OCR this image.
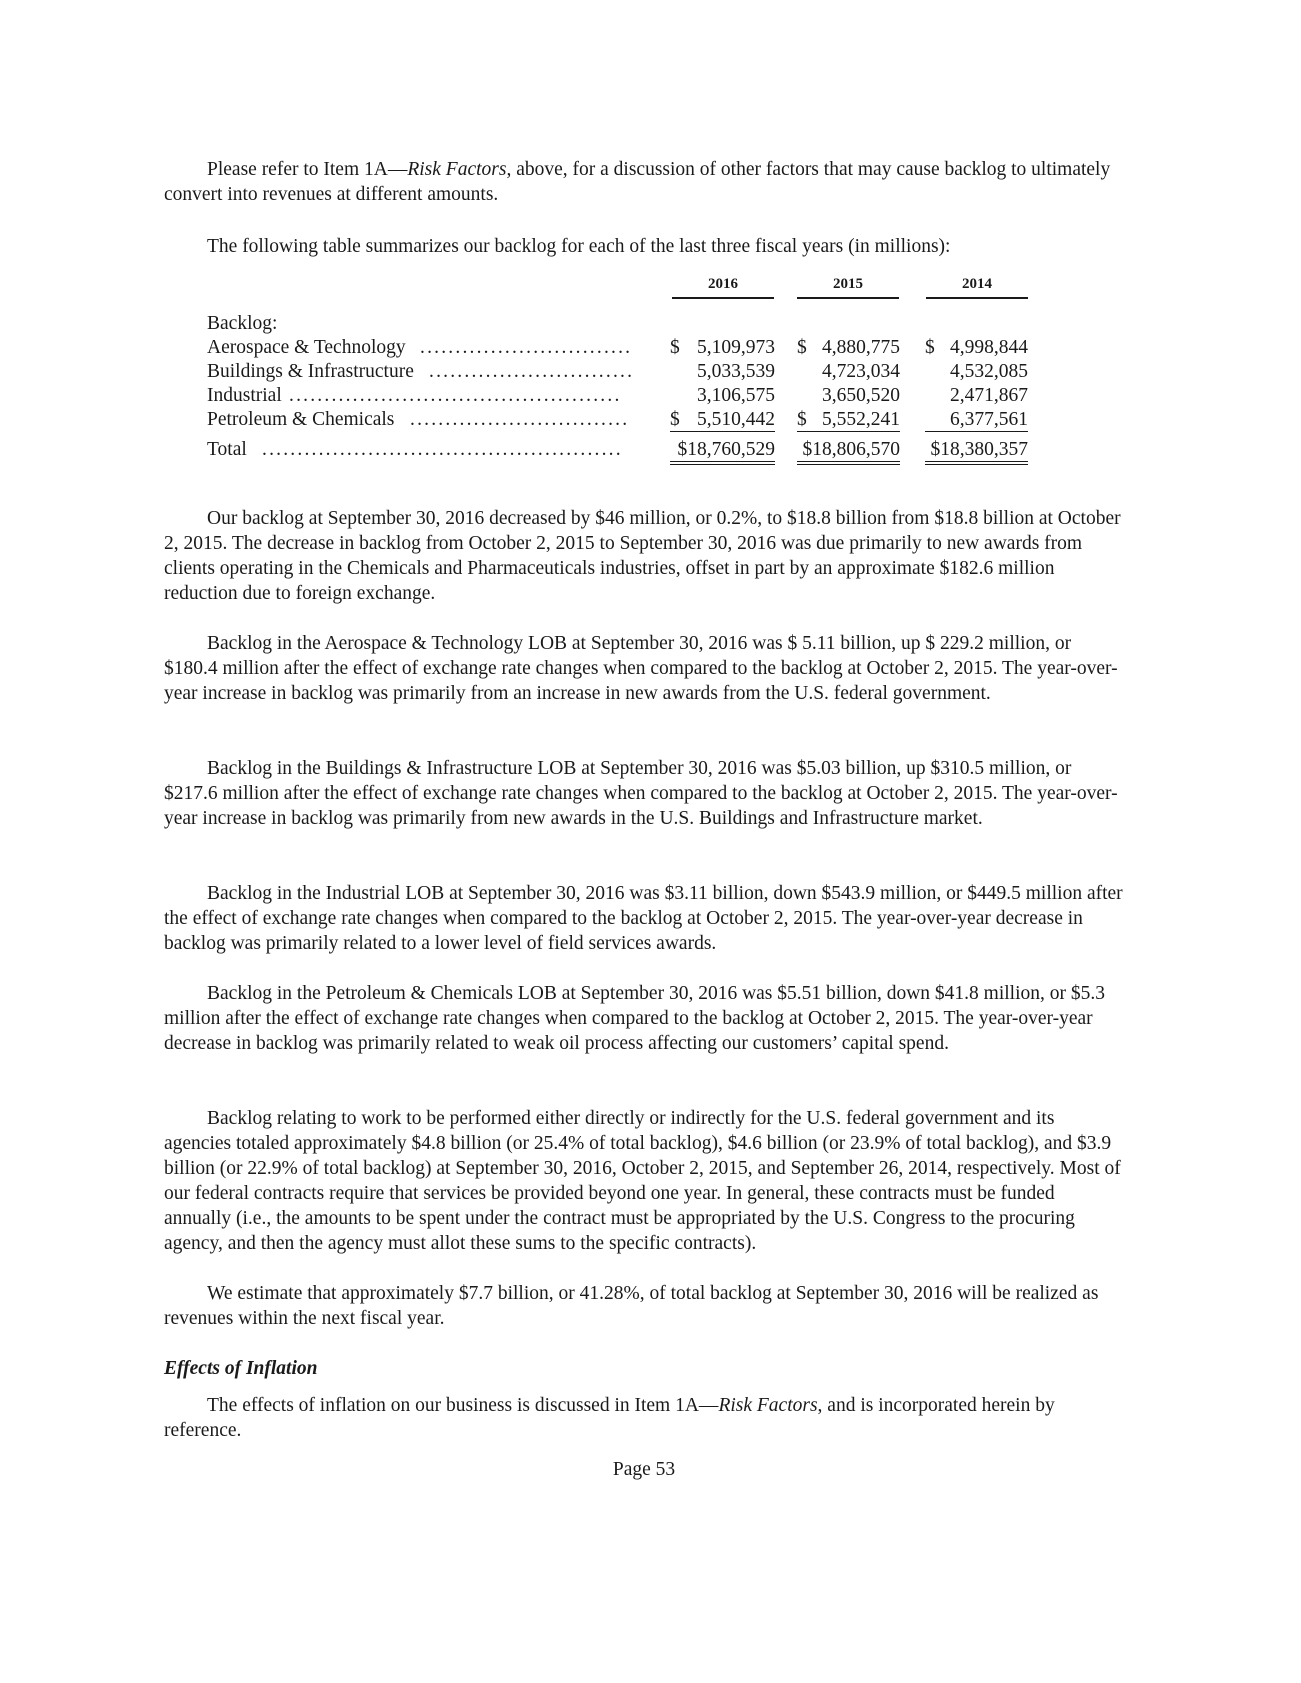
Please refer to Item 1A—Risk Factors, above, for a discussion of other factors that may cause backlog to ultimately convert into revenues at different amounts.

The following table summarizes our backlog for each of the last three fiscal years (in millions):

2016	2015	2014
Backlog:
Aerospace & Technology ..............................	$ 5,109,973 $ 4,880,775 $ 4,998,844
Buildings & Infrastructure .............................	5,033,539	4,723,034	4,532,085
Industrial ...............................................	3,106,575	3,650,520	2,471,867
Petroleum & Chemicals ...............................	$ 5,510,442 $ 5,552,241	6,377,561
Total ...................................................	$18,760,529 $18,806,570 $18,380,357

Our backlog at September 30, 2016 decreased by $46 million, or 0.2%, to $18.8 billion from $18.8 billion at October 2, 2015. The decrease in backlog from October 2, 2015 to September 30, 2016 was due primarily to new awards from clients operating in the Chemicals and Pharmaceuticals industries, offset in part by an approximate $182.6 million reduction due to foreign exchange.

Backlog in the Aerospace & Technology LOB at September 30, 2016 was $ 5.11 billion, up $ 229.2 million, or $180.4 million after the effect of exchange rate changes when compared to the backlog at October 2, 2015. The year-over-year increase in backlog was primarily from an increase in new awards from the U.S. federal government.

Backlog in the Buildings & Infrastructure LOB at September 30, 2016 was $5.03 billion, up $310.5 million, or $217.6 million after the effect of exchange rate changes when compared to the backlog at October 2, 2015. The year-over-year increase in backlog was primarily from new awards in the U.S. Buildings and Infrastructure market.

Backlog in the Industrial LOB at September 30, 2016 was $3.11 billion, down $543.9 million, or $449.5 million after the effect of exchange rate changes when compared to the backlog at October 2, 2015. The year-over-year decrease in backlog was primarily related to a lower level of field services awards.

Backlog in the Petroleum & Chemicals LOB at September 30, 2016 was $5.51 billion, down $41.8 million, or $5.3 million after the effect of exchange rate changes when compared to the backlog at October 2, 2015. The year-over-year decrease in backlog was primarily related to weak oil process affecting our customers’ capital spend.

Backlog relating to work to be performed either directly or indirectly for the U.S. federal government and its agencies totaled approximately $4.8 billion (or 25.4% of total backlog), $4.6 billion (or 23.9% of total backlog), and $3.9 billion (or 22.9% of total backlog) at September 30, 2016, October 2, 2015, and September 26, 2014, respectively. Most of our federal contracts require that services be provided beyond one year. In general, these contracts must be funded annually (i.e., the amounts to be spent under the contract must be appropriated by the U.S. Congress to the procuring agency, and then the agency must allot these sums to the specific contracts).

We estimate that approximately $7.7 billion, or 41.28%, of total backlog at September 30, 2016 will be realized as revenues within the next fiscal year.

Effects of Inflation

The effects of inflation on our business is discussed in Item 1A—Risk Factors, and is incorporated herein by reference.

Page 53
